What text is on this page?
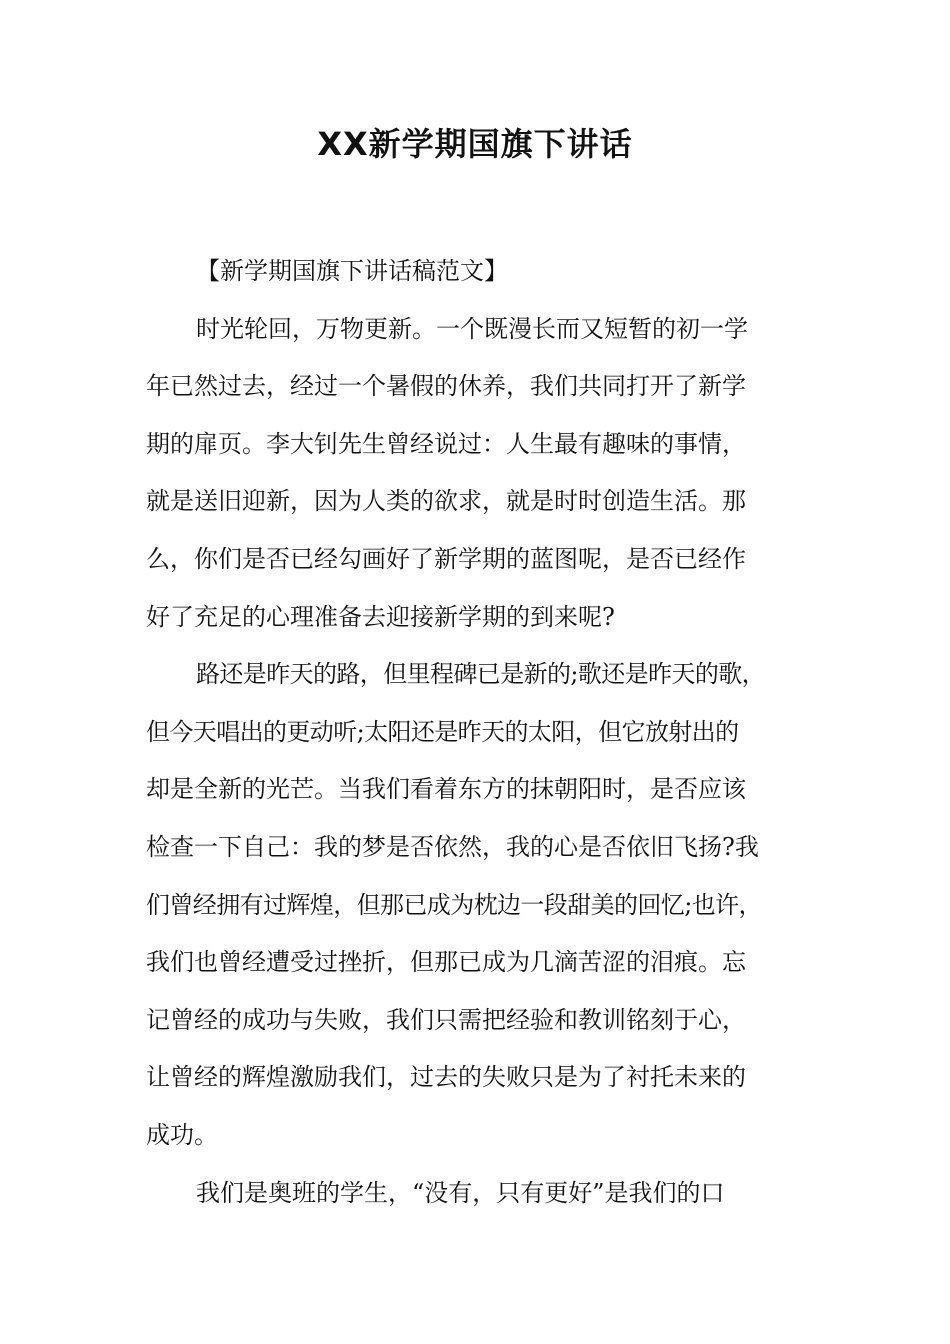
XX新学期国旗下讲话
【新学期国旗下讲话稿范文】
时光轮回，万物更新。一个既漫长而又短暂的初一学
年已然过去，经过一个暑假的休养，我们共同打开了新学
期的扉页。李大钊先生曾经说过：人生最有趣味的事情，
就是送旧迎新，因为人类的欲求，就是时时创造生活。那
么，你们是否已经勾画好了新学期的蓝图呢，是否已经作
好了充足的心理准备去迎接新学期的到来呢?
路还是昨天的路，但里程碑已是新的;歌还是昨天的歌，
但今天唱出的更动听;太阳还是昨天的太阳，但它放射出的
却是全新的光芒。当我们看着东方的抹朝阳时，是否应该
检查一下自己：我的梦是否依然，我的心是否依旧飞扬?我
们曾经拥有过辉煌，但那已成为枕边一段甜美的回忆;也许，
我们也曾经遭受过挫折，但那已成为几滴苦涩的泪痕。忘
记曾经的成功与失败，我们只需把经验和教训铭刻于心，
让曾经的辉煌激励我们，过去的失败只是为了衬托未来的
成功。
我们是奥班的学生，“没有，只有更好”是我们的口
